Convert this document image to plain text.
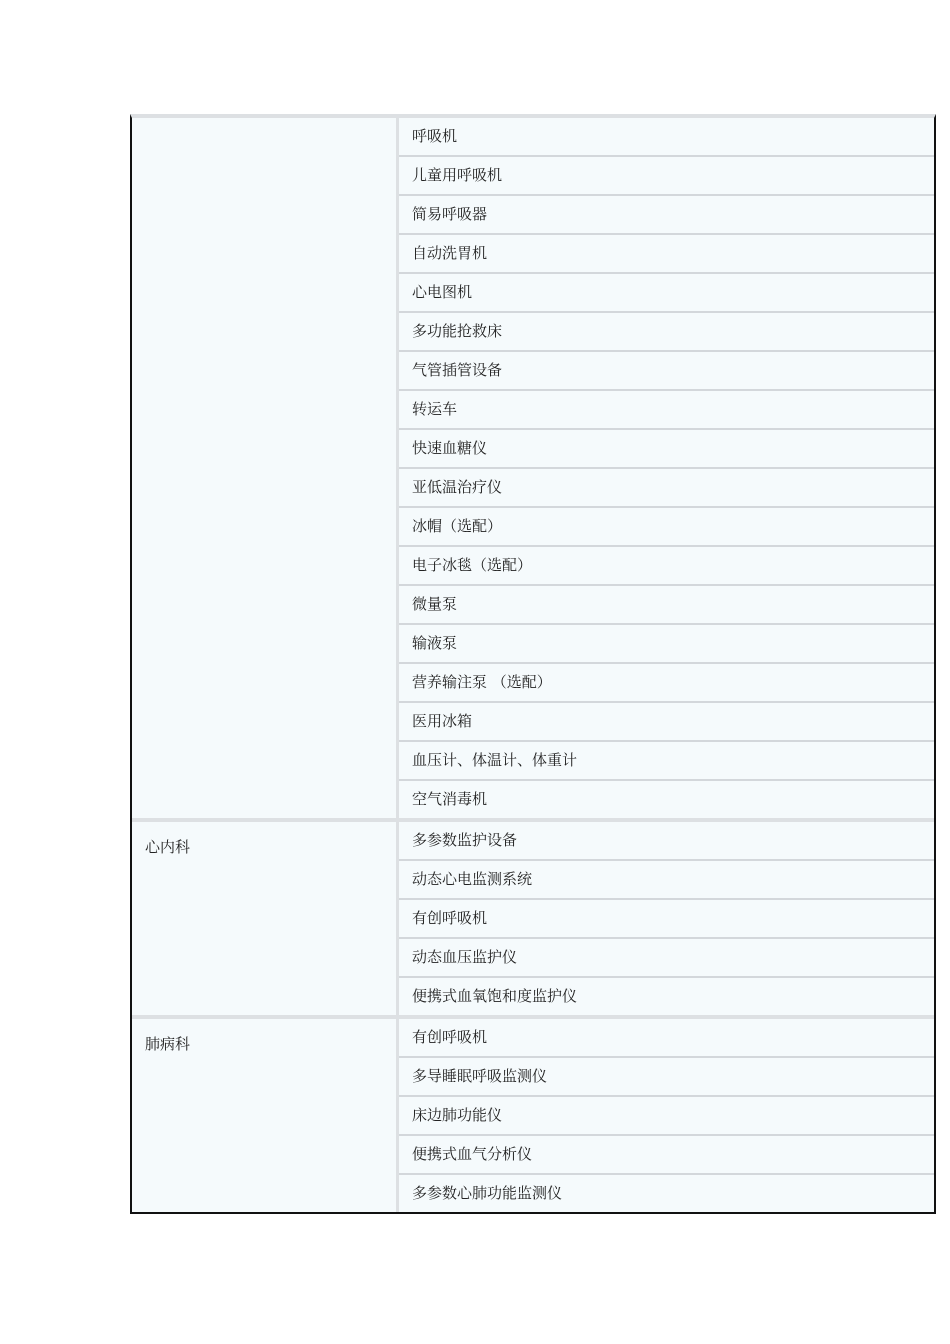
呼吸机
儿童用呼吸机
简易呼吸器
自动洗胃机
心电图机
多功能抢救床
气管插管设备
转运车
快速血糖仪
亚低温治疗仪
冰帽（选配）
电子冰毯（选配）
微量泵
输液泵
营养输注泵 （选配）
医用冰箱
血压计、体温计、体重计
空气消毒机
心内科	多参数监护设备
动态心电监测系统
有创呼吸机
动态血压监护仪
便携式血氧饱和度监护仪
肺病科	有创呼吸机
多导睡眠呼吸监测仪
床边肺功能仪
便携式血气分析仪
多参数心肺功能监测仪
